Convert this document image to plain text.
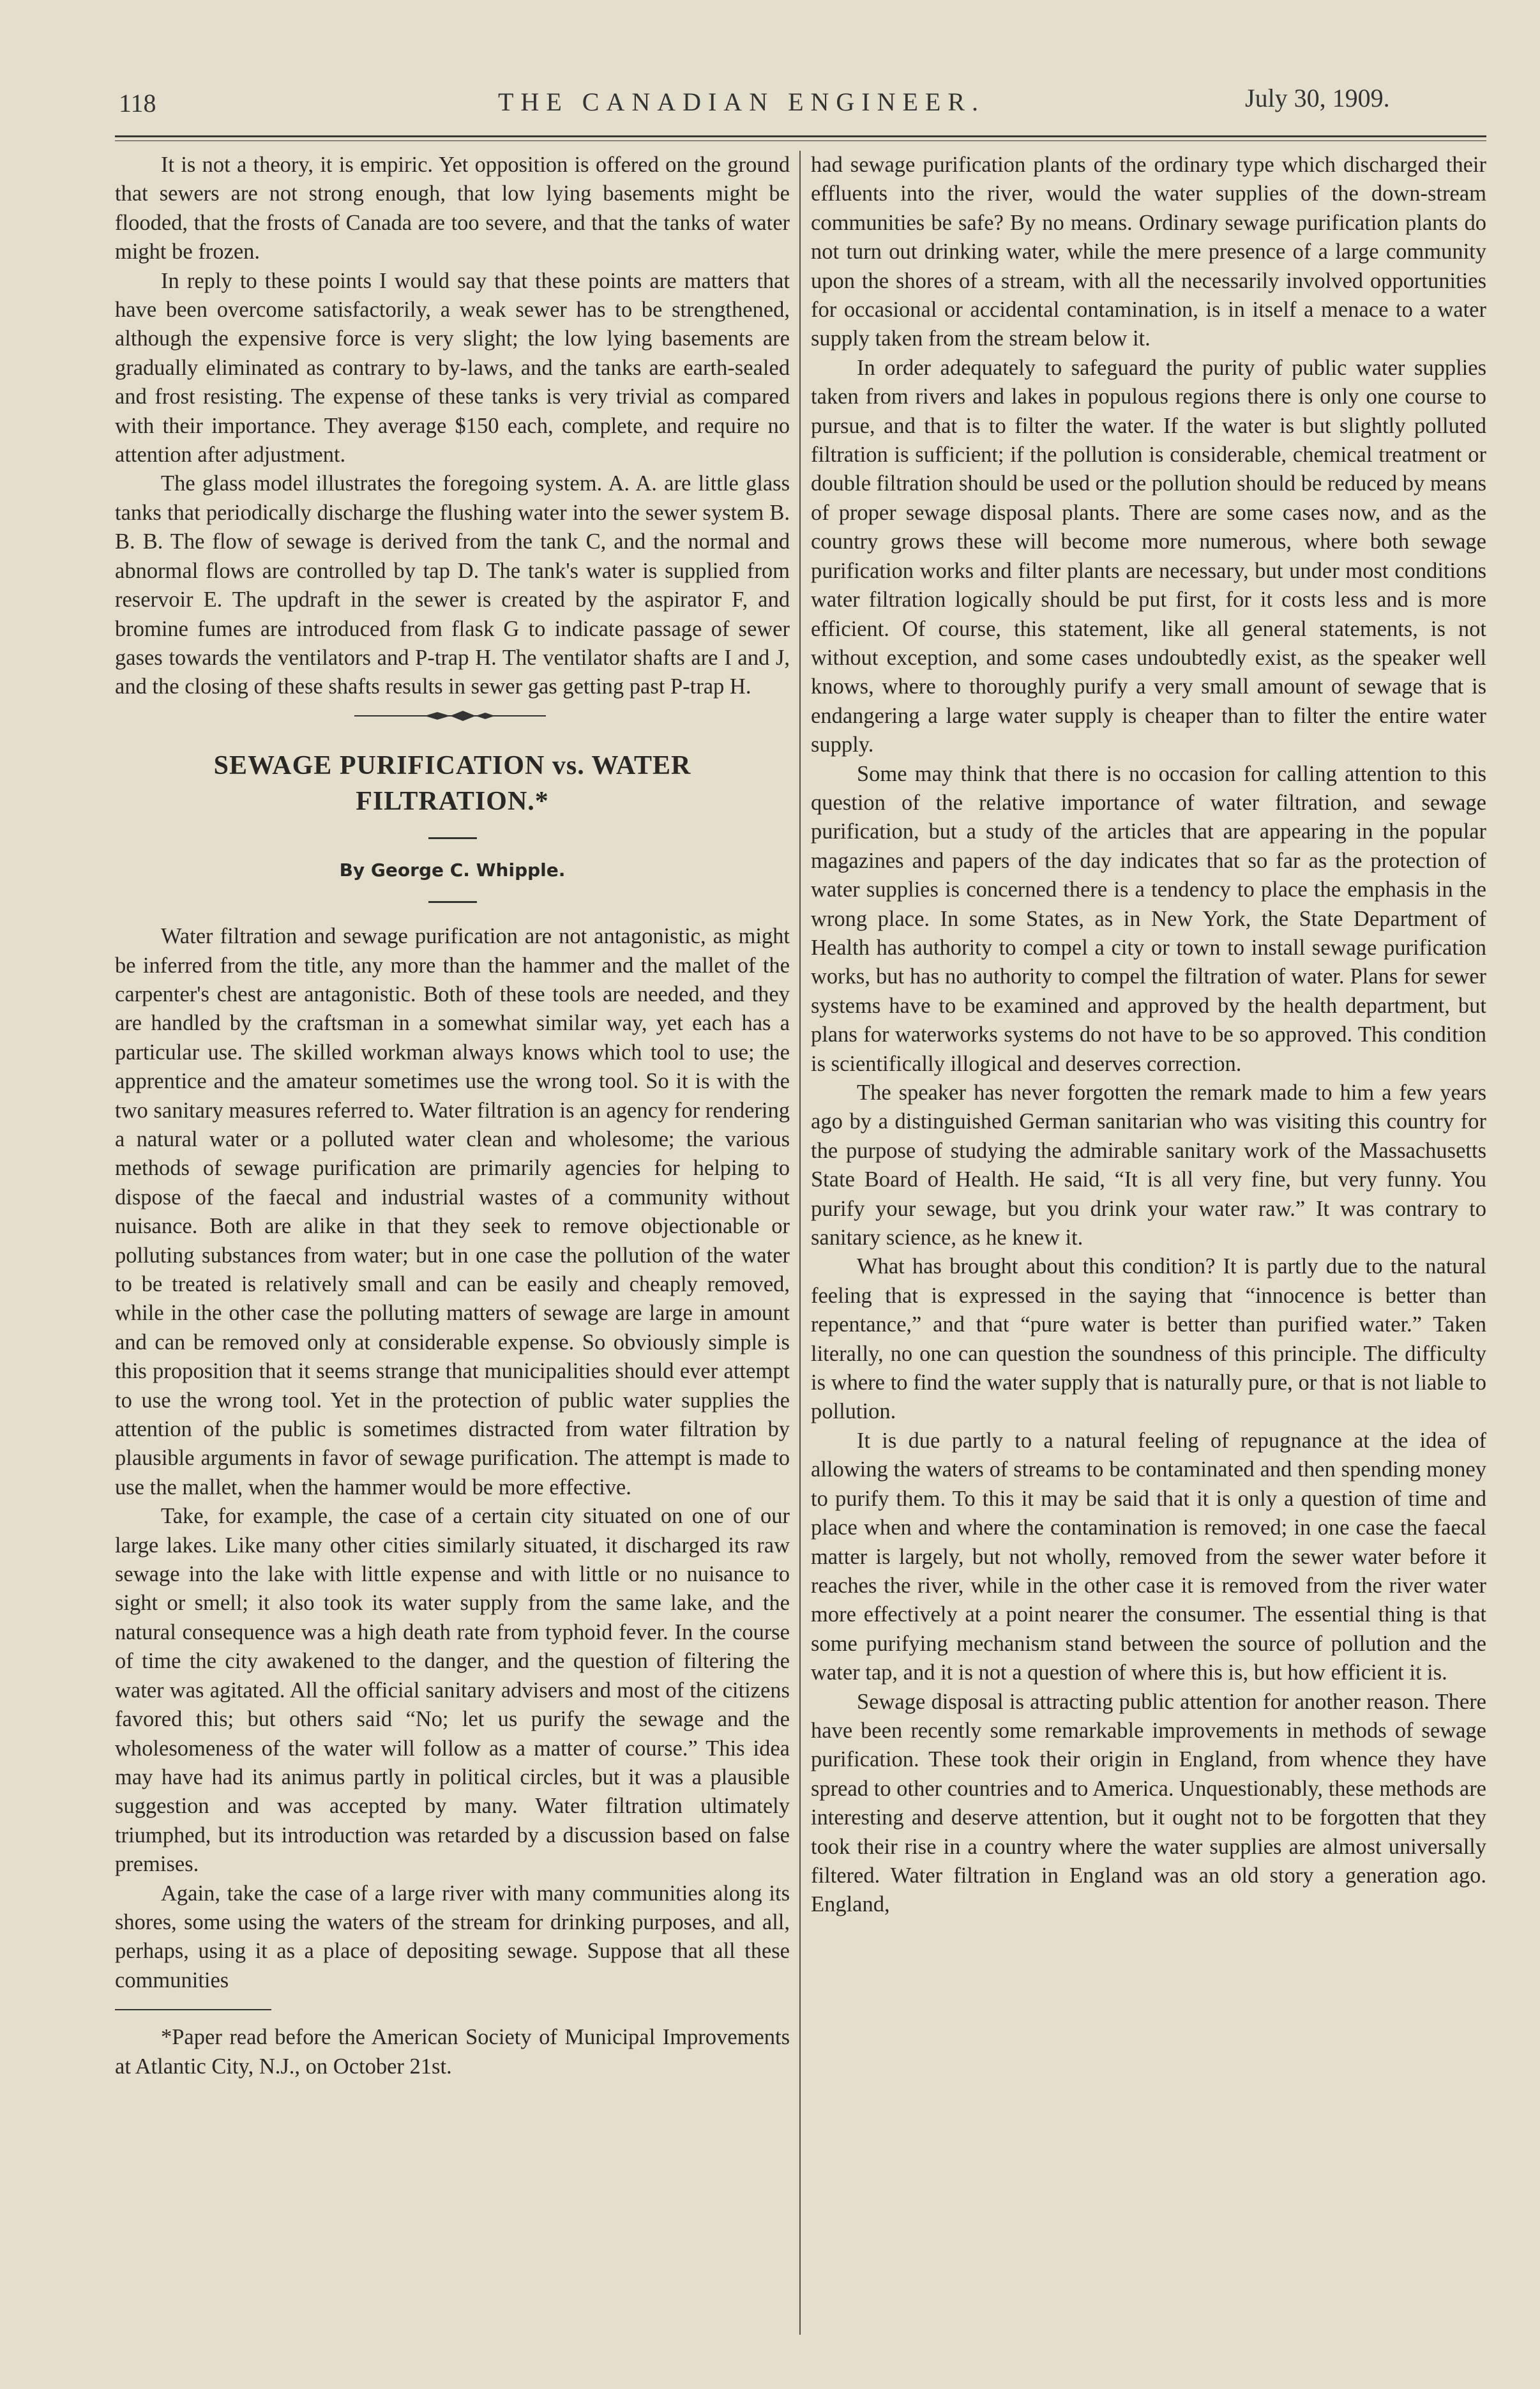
118	THE CANADIAN ENGINEER.	July 30, 1909.

It is not a theory, it is empiric. Yet opposition is offered on the ground that sewers are not strong enough, that low lying basements might be flooded, that the frosts of Canada are too severe, and that the tanks of water might be frozen.

In reply to these points I would say that these points are matters that have been overcome satisfactorily, a weak sewer has to be strengthened, although the expensive force is very slight; the low lying basements are gradually eliminated as contrary to by-laws, and the tanks are earth-sealed and frost resisting. The expense of these tanks is very trivial as compared with their importance. They average $150 each, complete, and require no attention after adjustment.

The glass model illustrates the foregoing system. A. A. are little glass tanks that periodically discharge the flushing water into the sewer system B. B. B. The flow of sewage is derived from the tank C, and the normal and abnormal flows are controlled by tap D. The tank's water is supplied from reservoir E. The updraft in the sewer is created by the aspirator F, and bromine fumes are introduced from flask G to indicate passage of sewer gases towards the ventilators and P-trap H. The ventilator shafts are I and J, and the closing of these shafts results in sewer gas getting past P-trap H.

SEWAGE PURIFICATION vs. WATER FILTRATION.*

By George C. Whipple.

Water filtration and sewage purification are not antagonistic, as might be inferred from the title, any more than the hammer and the mallet of the carpenter's chest are antagonistic. Both of these tools are needed, and they are handled by the craftsman in a somewhat similar way, yet each has a particular use. The skilled workman always knows which tool to use; the apprentice and the amateur sometimes use the wrong tool. So it is with the two sanitary measures referred to. Water filtration is an agency for rendering a natural water or a polluted water clean and wholesome; the various methods of sewage purification are primarily agencies for helping to dispose of the faecal and industrial wastes of a community without nuisance. Both are alike in that they seek to remove objectionable or polluting substances from water; but in one case the pollution of the water to be treated is relatively small and can be easily and cheaply removed, while in the other case the polluting matters of sewage are large in amount and can be removed only at considerable expense. So obviously simple is this proposition that it seems strange that municipalities should ever attempt to use the wrong tool. Yet in the protection of public water supplies the attention of the public is sometimes distracted from water filtration by plausible arguments in favor of sewage purification. The attempt is made to use the mallet, when the hammer would be more effective.

Take, for example, the case of a certain city situated on one of our large lakes. Like many other cities similarly situated, it discharged its raw sewage into the lake with little expense and with little or no nuisance to sight or smell; it also took its water supply from the same lake, and the natural consequence was a high death rate from typhoid fever. In the course of time the city awakened to the danger, and the question of filtering the water was agitated. All the official sanitary advisers and most of the citizens favored this; but others said “No; let us purify the sewage and the wholesomeness of the water will follow as a matter of course.” This idea may have had its animus partly in political circles, but it was a plausible suggestion and was accepted by many. Water filtration ultimately triumphed, but its introduction was retarded by a discussion based on false premises.

Again, take the case of a large river with many communities along its shores, some using the waters of the stream for drinking purposes, and all, perhaps, using it as a place of depositing sewage. Suppose that all these communities

*Paper read before the American Society of Municipal Improvements at Atlantic City, N.J., on October 21st.

had sewage purification plants of the ordinary type which discharged their effluents into the river, would the water supplies of the down-stream communities be safe? By no means. Ordinary sewage purification plants do not turn out drinking water, while the mere presence of a large community upon the shores of a stream, with all the necessarily involved opportunities for occasional or accidental contamination, is in itself a menace to a water supply taken from the stream below it.

In order adequately to safeguard the purity of public water supplies taken from rivers and lakes in populous regions there is only one course to pursue, and that is to filter the water. If the water is but slightly polluted filtration is sufficient; if the pollution is considerable, chemical treatment or double filtration should be used or the pollution should be reduced by means of proper sewage disposal plants. There are some cases now, and as the country grows these will become more numerous, where both sewage purification works and filter plants are necessary, but under most conditions water filtration logically should be put first, for it costs less and is more efficient. Of course, this statement, like all general statements, is not without exception, and some cases undoubtedly exist, as the speaker well knows, where to thoroughly purify a very small amount of sewage that is endangering a large water supply is cheaper than to filter the entire water supply.

Some may think that there is no occasion for calling attention to this question of the relative importance of water filtration, and sewage purification, but a study of the articles that are appearing in the popular magazines and papers of the day indicates that so far as the protection of water supplies is concerned there is a tendency to place the emphasis in the wrong place. In some States, as in New York, the State Department of Health has authority to compel a city or town to install sewage purification works, but has no authority to compel the filtration of water. Plans for sewer systems have to be examined and approved by the health department, but plans for waterworks systems do not have to be so approved. This condition is scientifically illogical and deserves correction.

The speaker has never forgotten the remark made to him a few years ago by a distinguished German sanitarian who was visiting this country for the purpose of studying the admirable sanitary work of the Massachusetts State Board of Health. He said, “It is all very fine, but very funny. You purify your sewage, but you drink your water raw.” It was contrary to sanitary science, as he knew it.

What has brought about this condition? It is partly due to the natural feeling that is expressed in the saying that “innocence is better than repentance,” and that “pure water is better than purified water.” Taken literally, no one can question the soundness of this principle. The difficulty is where to find the water supply that is naturally pure, or that is not liable to pollution.

It is due partly to a natural feeling of repugnance at the idea of allowing the waters of streams to be contaminated and then spending money to purify them. To this it may be said that it is only a question of time and place when and where the contamination is removed; in one case the faecal matter is largely, but not wholly, removed from the sewer water before it reaches the river, while in the other case it is removed from the river water more effectively at a point nearer the consumer. The essential thing is that some purifying mechanism stand between the source of pollution and the water tap, and it is not a question of where this is, but how efficient it is.

Sewage disposal is attracting public attention for another reason. There have been recently some remarkable improvements in methods of sewage purification. These took their origin in England, from whence they have spread to other countries and to America. Unquestionably, these methods are interesting and deserve attention, but it ought not to be forgotten that they took their rise in a country where the water supplies are almost universally filtered. Water filtration in England was an old story a generation ago. England,
